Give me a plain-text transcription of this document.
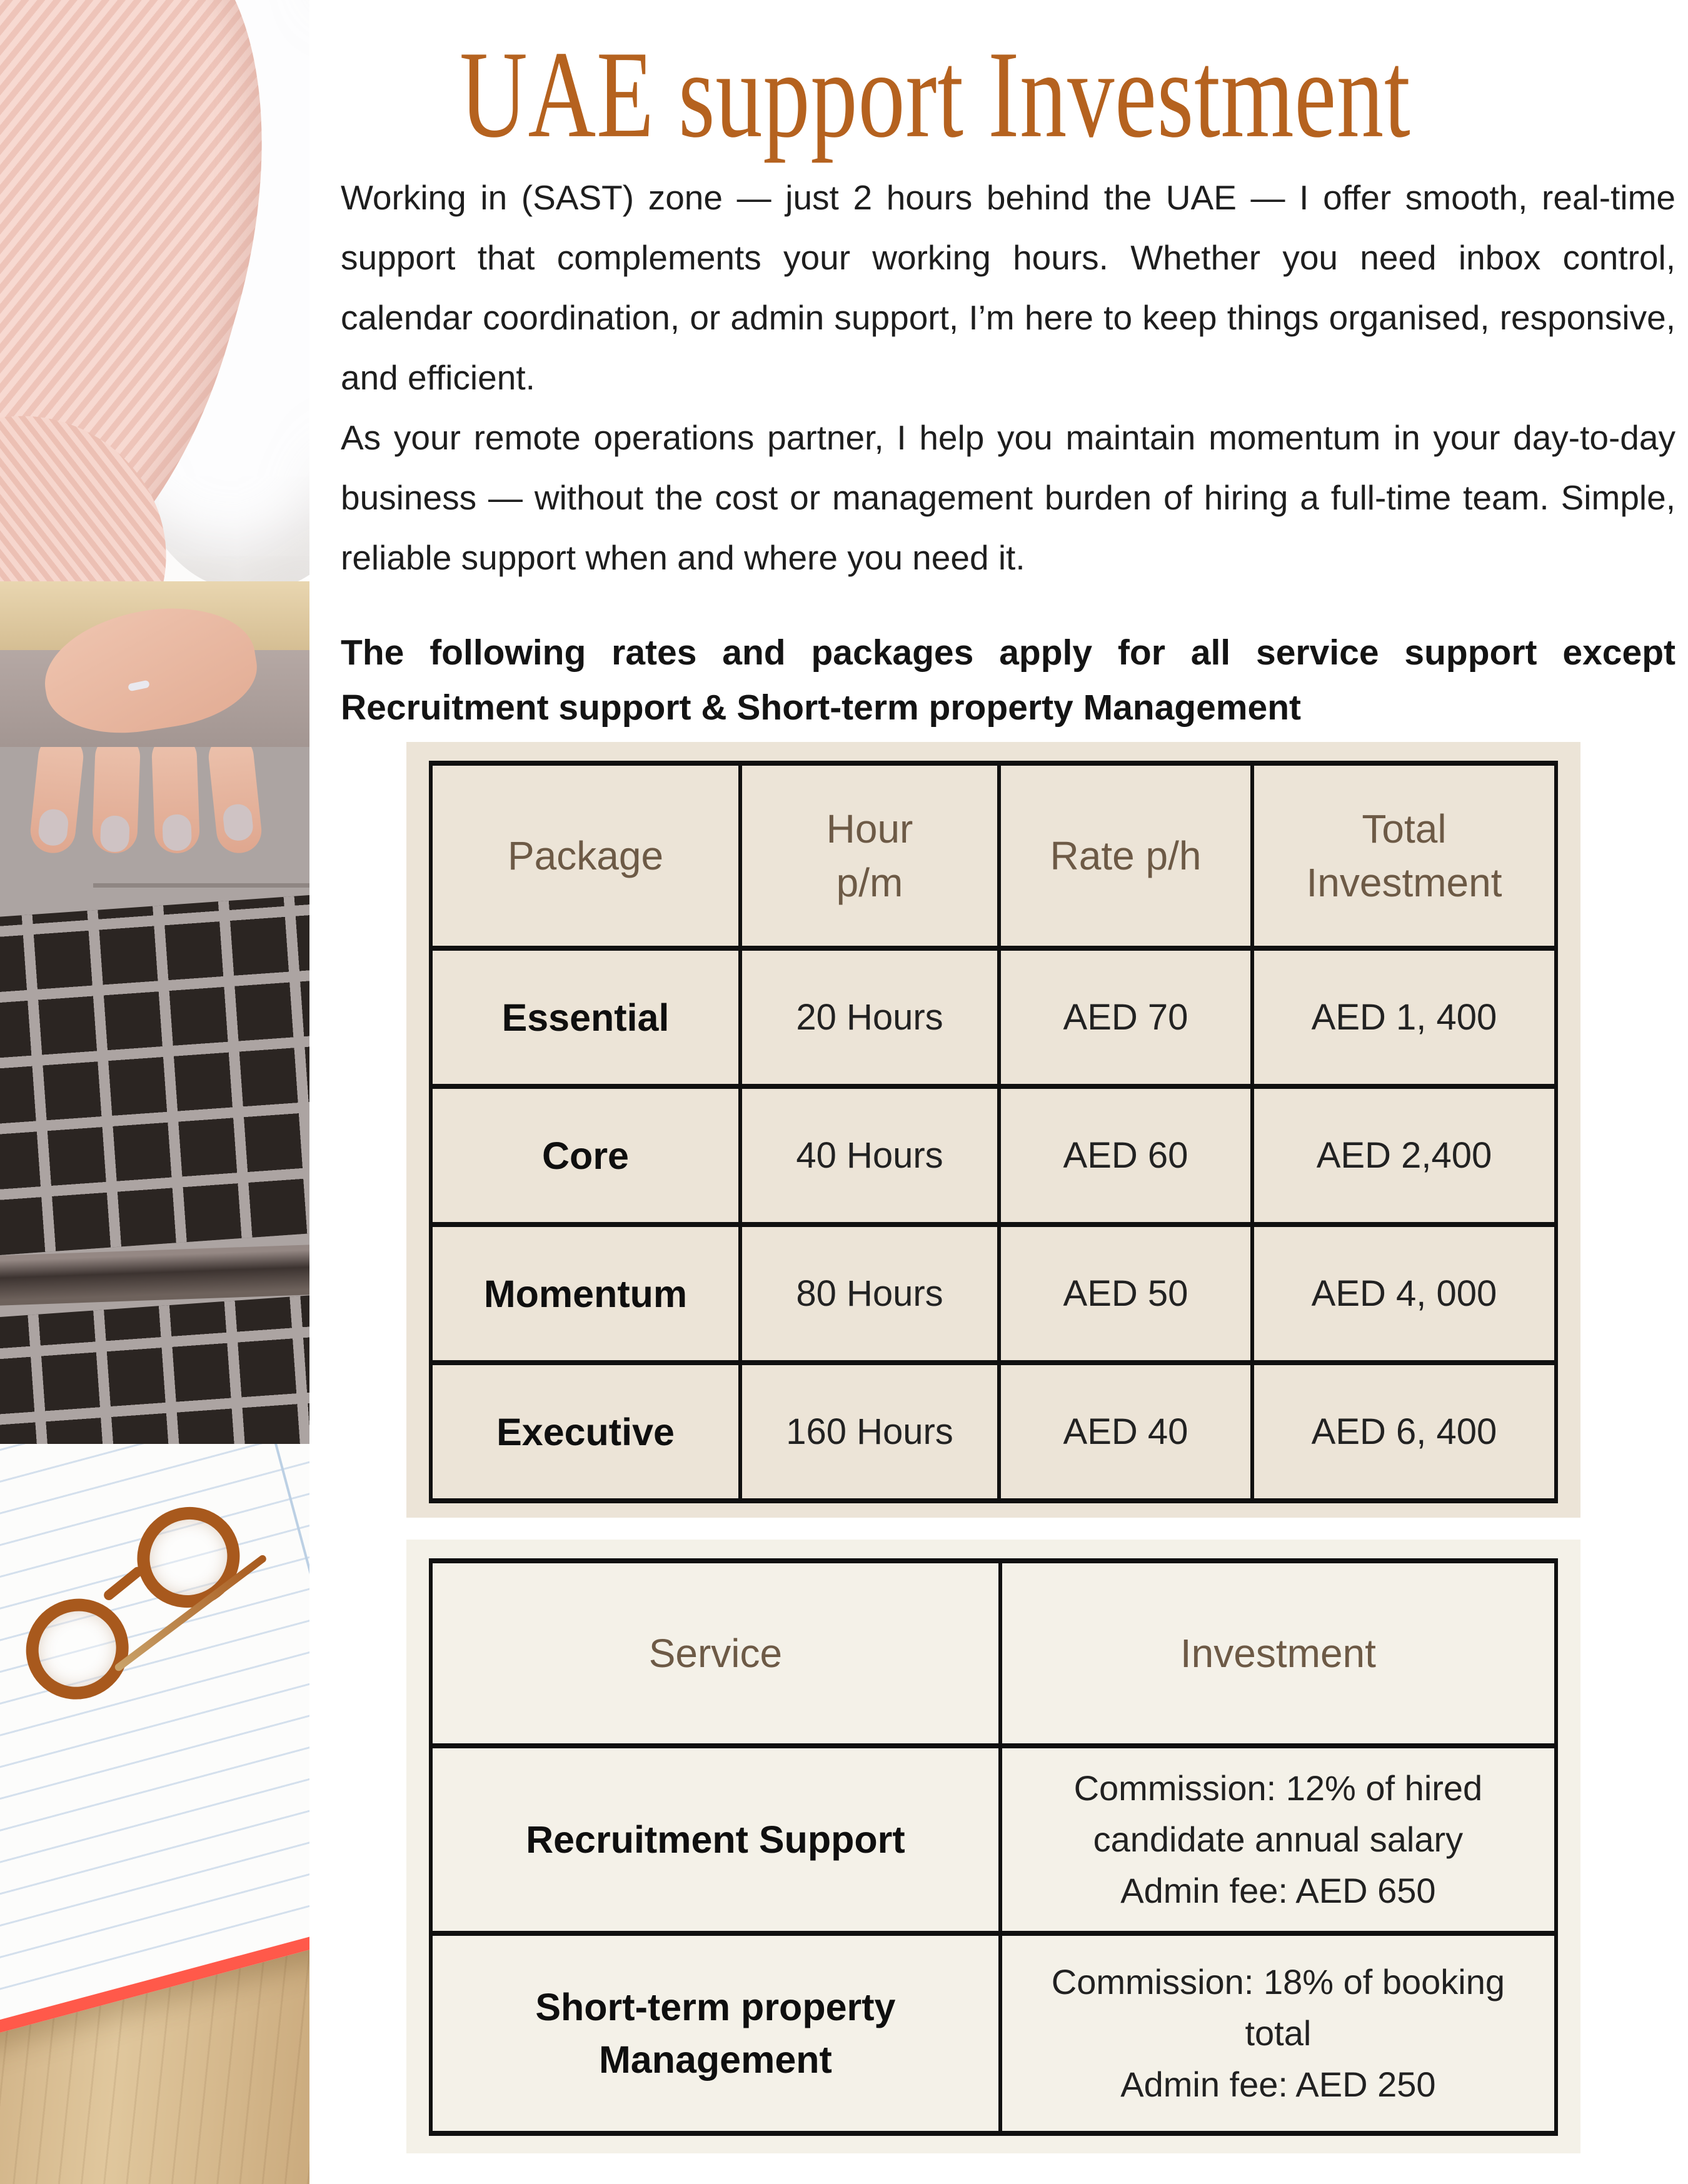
UAE support Investment

Working in (SAST) zone — just 2 hours behind the UAE — I offer smooth, real-time support that complements your working hours. Whether you need inbox control, calendar coordination, or admin support, I’m here to keep things organised, responsive, and efficient.

As your remote operations partner, I help you maintain momentum in your day-to-day business — without the cost or management burden of hiring a full-time team. Simple, reliable support when and where you need it.

The following rates and packages apply for all service support except
Recruitment support & Short-term property Management
Package	Hour p/m	Rate p/h	Total Investment
Essential	20 Hours	AED 70	AED 1, 400
Core	40 Hours	AED 60	AED 2,400
Momentum	80 Hours	AED 50	AED 4, 000
Executive	160 Hours	AED 40	AED 6, 400
Service	Investment
Recruitment Support	Commission: 12% of hired
candidate annual salary
Admin fee: AED 650

Short-term property Management	Commission: 18% of booking
total
Admin fee: AED 250
